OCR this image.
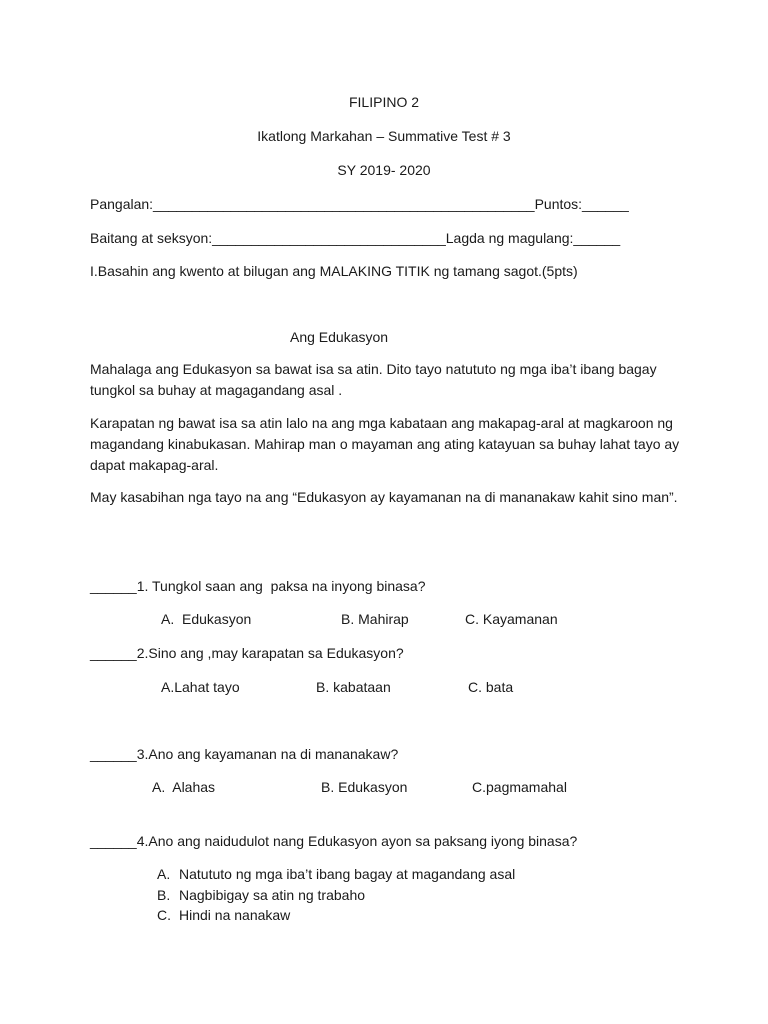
FILIPINO 2
Ikatlong Markahan – Summative Test # 3
SY 2019- 2020
Pangalan:_________________________________________________Puntos:______
Baitang at seksyon:______________________________Lagda ng magulang:______
I.Basahin ang kwento at bilugan ang MALAKING TITIK ng tamang sagot.(5pts)
Ang Edukasyon

Mahalaga ang Edukasyon sa bawat isa sa atin. Dito tayo natututo ng mga iba’t ibang bagay tungkol sa buhay at magagandang asal .

Karapatan ng bawat isa sa atin lalo na ang mga kabataan ang makapag-aral at magkaroon ng magandang kinabukasan. Mahirap man o mayaman ang ating katayuan sa buhay lahat tayo ay dapat makapag-aral.

May kasabihan nga tayo na ang “Edukasyon ay kayamanan na di mananakaw kahit sino man”.

______1. Tungkol saan ang  paksa na inyong binasa?
A.  Edukasyon	B. Mahirap	C. Kayamanan
______2.Sino ang ,may karapatan sa Edukasyon?
A.Lahat tayo	B. kabataan	C. bata
______3.Ano ang kayamanan na di mananakaw?
A.  Alahas	B. Edukasyon	C.pagmamahal
______4.Ano ang naidudulot nang Edukasyon ayon sa paksang iyong binasa?
A. Natututo ng mga iba’t ibang bagay at magandang asal
B. Nagbibigay sa atin ng trabaho
C. Hindi na nanakaw
